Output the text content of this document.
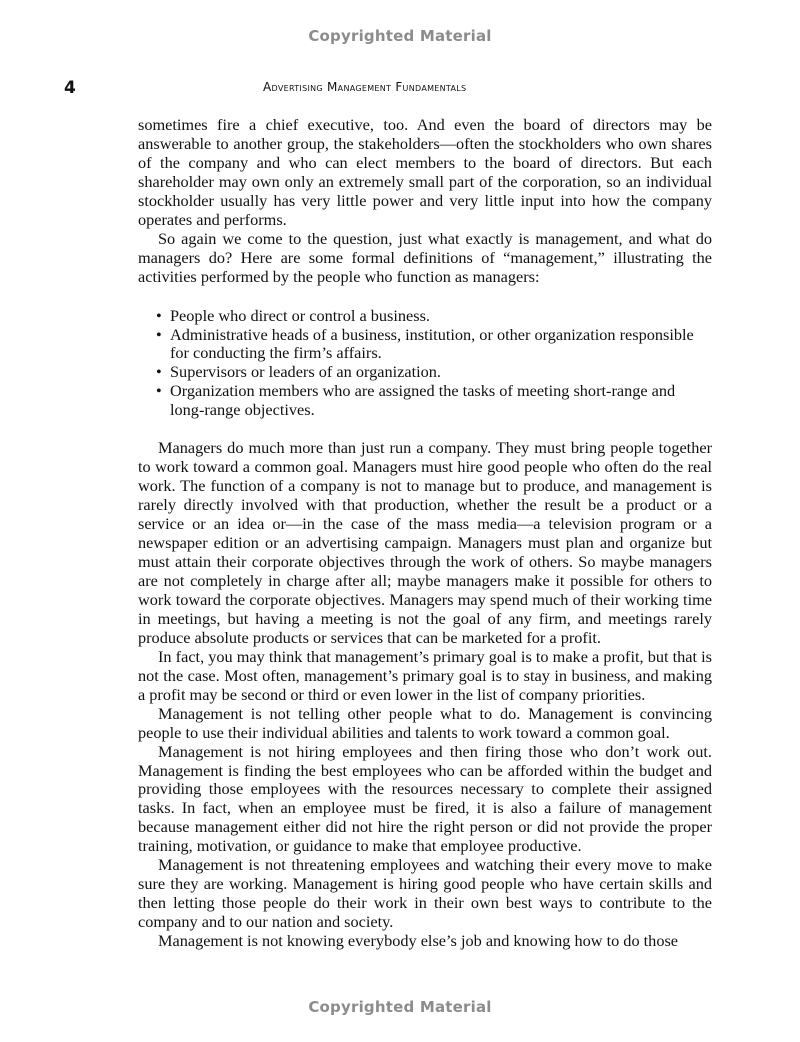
Copyrighted Material
4	Advertising Management Fundamentals

sometimes fire a chief executive, too. And even the board of directors may be answerable to another group, the stakeholders—often the stockholders who own shares of the company and who can elect members to the board of directors. But each shareholder may own only an extremely small part of the corporation, so an individual stockholder usually has very little power and very little input into how the company operates and performs.

So again we come to the question, just what exactly is management, and what do managers do? Here are some formal definitions of “management,” illustrating the activities performed by the people who function as managers:

• People who direct or control a business.
• Administrative heads of a business, institution, or other organization responsible for conducting the firm’s affairs.
• Supervisors or leaders of an organization.
• Organization members who are assigned the tasks of meeting short-range and long-range objectives.

Managers do much more than just run a company. They must bring people together to work toward a common goal. Managers must hire good people who often do the real work. The function of a company is not to manage but to produce, and management is rarely directly involved with that production, whether the result be a product or a service or an idea or—in the case of the mass media—a television program or a newspaper edition or an advertising campaign. Managers must plan and organize but must attain their corporate objectives through the work of others. So maybe managers are not completely in charge after all; maybe managers make it possible for others to work toward the corporate objectives. Managers may spend much of their working time in meetings, but having a meeting is not the goal of any firm, and meetings rarely produce absolute products or services that can be marketed for a profit.

In fact, you may think that management’s primary goal is to make a profit, but that is not the case. Most often, management’s primary goal is to stay in business, and making a profit may be second or third or even lower in the list of company priorities.

Management is not telling other people what to do. Management is convincing people to use their individual abilities and talents to work toward a common goal.

Management is not hiring employees and then firing those who don’t work out. Management is finding the best employees who can be afforded within the budget and providing those employees with the resources necessary to complete their assigned tasks. In fact, when an employee must be fired, it is also a failure of management because management either did not hire the right person or did not provide the proper training, motivation, or guidance to make that employee productive.

Management is not threatening employees and watching their every move to make sure they are working. Management is hiring good people who have certain skills and then letting those people do their work in their own best ways to contribute to the company and to our nation and society.

Management is not knowing everybody else’s job and knowing how to do those

Copyrighted Material
